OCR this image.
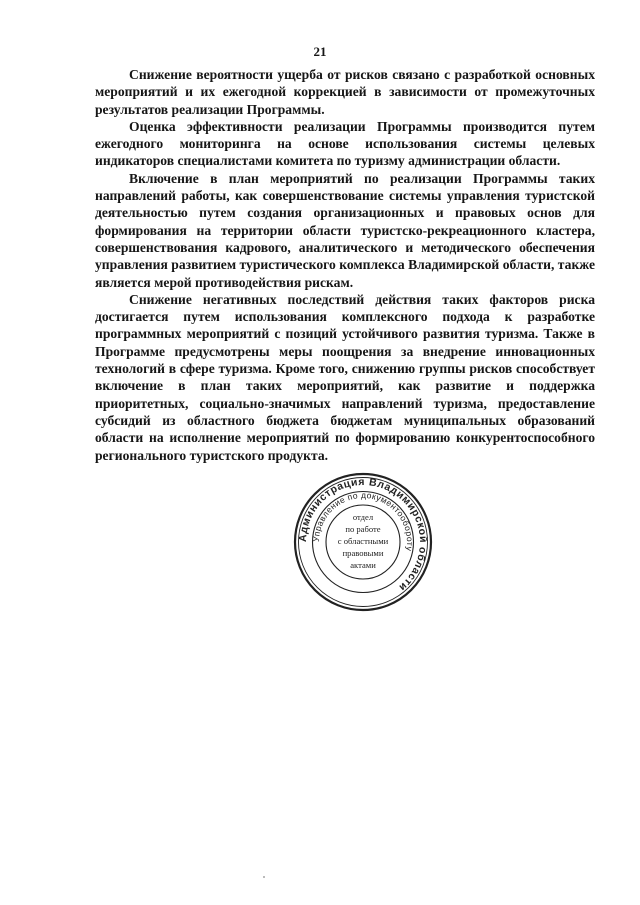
21

Снижение вероятности ущерба от рисков связано с разработкой основных мероприятий и их ежегодной коррекцией в зависимости от промежуточных результатов реализации Программы.

Оценка эффективности реализации Программы производится путем ежегодного мониторинга на основе использования системы целевых индикаторов специалистами комитета по туризму администрации области.

Включение в план мероприятий по реализации Программы таких направлений работы, как совершенствование системы управления туристской деятельностью путем создания организационных и правовых основ для формирования на территории области туристско-рекреационного кластера, совершенствования кадрового, аналитического и методического обеспечения управления развитием туристического комплекса Владимирской области, также является мерой противодействия рискам.

Снижение негативных последствий действия таких факторов риска достигается путем использования комплексного подхода к разработке программных мероприятий с позиций устойчивого развития туризма. Также в Программе предусмотрены меры поощрения за внедрение инновационных технологий в сфере туризма. Кроме того, снижению группы рисков способствует включение в план таких мероприятий, как развитие и поддержка приоритетных, социально-значимых направлений туризма, предоставление субсидий из областного бюджета бюджетам муниципальных образований области на исполнение мероприятий по формированию конкурентоспособного регионального туристского продукта.

Администрация Владимирской области
Управление по документообороту
отдел
по работе
с областными
правовыми
актами
